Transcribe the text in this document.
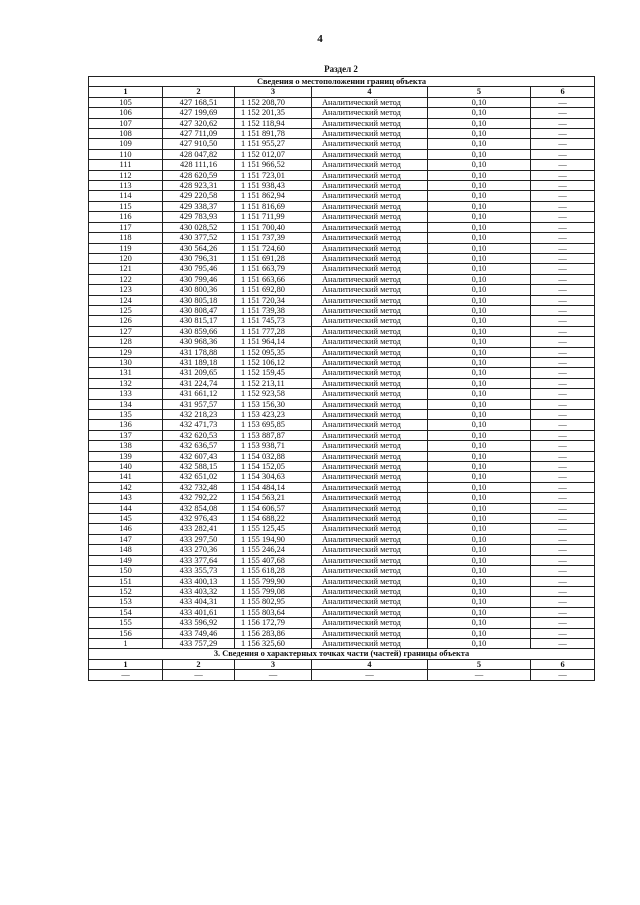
4
Раздел 2
Сведения о местоположении границ объекта					
1	2	3	4	5	6
105	427 168,51	1 152 208,70	Аналитический метод	0,10	—
106	427 199,69	1 152 201,35	Аналитический метод	0,10	—
107	427 320,62	1 152 118,94	Аналитический метод	0,10	—
108	427 711,09	1 151 891,78	Аналитический метод	0,10	—
109	427 910,50	1 151 955,27	Аналитический метод	0,10	—
110	428 047,82	1 152 012,07	Аналитический метод	0,10	—
111	428 111,16	1 151 966,52	Аналитический метод	0,10	—
112	428 620,59	1 151 723,01	Аналитический метод	0,10	—
113	428 923,31	1 151 938,43	Аналитический метод	0,10	—
114	429 220,58	1 151 862,94	Аналитический метод	0,10	—
115	429 338,37	1 151 816,69	Аналитический метод	0,10	—
116	429 783,93	1 151 711,99	Аналитический метод	0,10	—
117	430 028,52	1 151 700,40	Аналитический метод	0,10	—
118	430 377,52	1 151 737,39	Аналитический метод	0,10	—
119	430 564,26	1 151 724,60	Аналитический метод	0,10	—
120	430 796,31	1 151 691,28	Аналитический метод	0,10	—
121	430 795,46	1 151 663,79	Аналитический метод	0,10	—
122	430 799,46	1 151 663,66	Аналитический метод	0,10	—
123	430 800,36	1 151 692,80	Аналитический метод	0,10	—
124	430 805,18	1 151 720,34	Аналитический метод	0,10	—
125	430 808,47	1 151 739,38	Аналитический метод	0,10	—
126	430 815,17	1 151 745,73	Аналитический метод	0,10	—
127	430 859,66	1 151 777,28	Аналитический метод	0,10	—
128	430 968,36	1 151 964,14	Аналитический метод	0,10	—
129	431 178,88	1 152 095,35	Аналитический метод	0,10	—
130	431 189,18	1 152 106,12	Аналитический метод	0,10	—
131	431 209,65	1 152 159,45	Аналитический метод	0,10	—
132	431 224,74	1 152 213,11	Аналитический метод	0,10	—
133	431 661,12	1 152 923,58	Аналитический метод	0,10	—
134	431 957,57	1 153 156,30	Аналитический метод	0,10	—
135	432 218,23	1 153 423,23	Аналитический метод	0,10	—
136	432 471,73	1 153 695,85	Аналитический метод	0,10	—
137	432 620,53	1 153 887,87	Аналитический метод	0,10	—
138	432 636,57	1 153 938,71	Аналитический метод	0,10	—
139	432 607,43	1 154 032,88	Аналитический метод	0,10	—
140	432 588,15	1 154 152,05	Аналитический метод	0,10	—
141	432 651,02	1 154 304,63	Аналитический метод	0,10	—
142	432 732,48	1 154 484,14	Аналитический метод	0,10	—
143	432 792,22	1 154 563,21	Аналитический метод	0,10	—
144	432 854,08	1 154 606,57	Аналитический метод	0,10	—
145	432 976,43	1 154 688,22	Аналитический метод	0,10	—
146	433 282,41	1 155 125,45	Аналитический метод	0,10	—
147	433 297,50	1 155 194,90	Аналитический метод	0,10	—
148	433 270,36	1 155 246,24	Аналитический метод	0,10	—
149	433 377,64	1 155 407,68	Аналитический метод	0,10	—
150	433 355,73	1 155 618,28	Аналитический метод	0,10	—
151	433 400,13	1 155 799,90	Аналитический метод	0,10	—
152	433 403,32	1 155 799,08	Аналитический метод	0,10	—
153	433 404,31	1 155 802,95	Аналитический метод	0,10	—
154	433 401,61	1 155 803,64	Аналитический метод	0,10	—
155	433 596,92	1 156 172,79	Аналитический метод	0,10	—
156	433 749,46	1 156 283,86	Аналитический метод	0,10	—
1	433 757,29	1 156 325,60	Аналитический метод	0,10	—
3. Сведения о характерных точках части (частей) границы объекта					
1	2	3	4	5	6
—	—	—	—	—	—
